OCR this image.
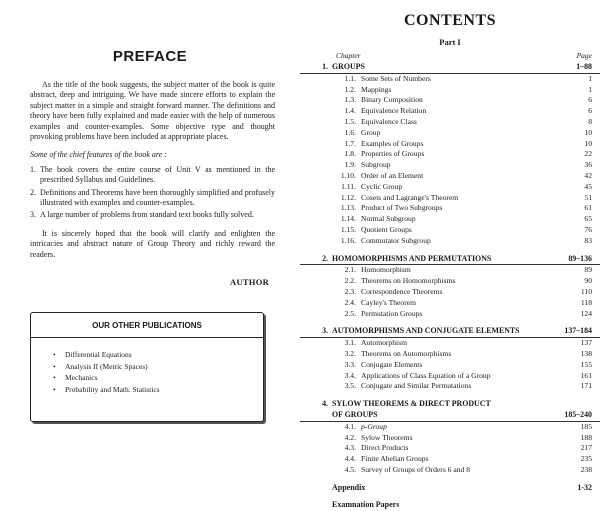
PREFACE

As the title of the book suggests, the subject matter of the book is quite abstract, deep and intriguing. We have made sincere efforts to explain the subject matter in a simple and straight forward manner. The definitions and theory have been fully explained and made easier with the help of numerous examples and counter-examples. Some objective type and thought provoking problems have been included at appropriate places.

Some of the chief features of the book are :

1. The book covers the entire course of Unit V as mentioned in the prescribed Syllabus and Guidelines.
2. Definitions and Theorems have been thoroughly simplified and profusely illustrated with examples and counter-examples.
3. A large number of problems from standard text books fully solved.

It is sincerely hoped that the book will clarify and enlighten the intricacies and abstract nature of Group Theory and richly reward the readers.

AUTHOR
OUR OTHER PUBLICATIONS
• Differential Equations
• Analysis II (Metric Spaces)
• Mechanics
• Probability and Math. Statistics
CONTENTS
Part I
Chapter	Page
1. GROUPS	1–88
1.1. Some Sets of Numbers	1
1.2. Mappings	1
1.3. Binary Composition	6
1.4. Equivalence Relation	6
1.5. Equivalence Class	8
1.6. Group	10
1.7. Examples of Groups	10
1.8. Properties of Groups	22
1.9. Subgroup	36
1.10. Order of an Element	42
1.11. Cyclic Group	45
1.12. Cosets and Lagrange's Theorem	51
1.13. Product of Two Subgroups	61
1.14. Normal Subgroup	65
1.15. Quotient Groups	76
1.16. Commutator Subgroup	83
2. HOMOMORPHISMS AND PERMUTATIONS	89–136
2.1. Homomorphism	89
2.2. Theorems on Homomorphisms	90
2.3. Correspondence Theorems	110
2.4. Cayley's Theorem	118
2.5. Permutation Groups	124
3. AUTOMORPHISMS AND CONJUGATE ELEMENTS	137–184
3.1. Automorphism	137
3.2. Theorems on Automorphisms	138
3.3. Conjugate Elements	155
3.4. Applications of Class Equation of a Group	161
3.5. Conjugate and Similar Permutations	171
4. SYLOW THEOREMS & DIRECT PRODUCT
OF GROUPS	185–240
4.1. p-Group	185
4.2. Sylow Theorems	188
4.3. Direct Products	217
4.4. Finite Abelian Groups	235
4.5. Survey of Groups of Orders 6 and 8	238
Appendix	1-32
Examnation Papers
